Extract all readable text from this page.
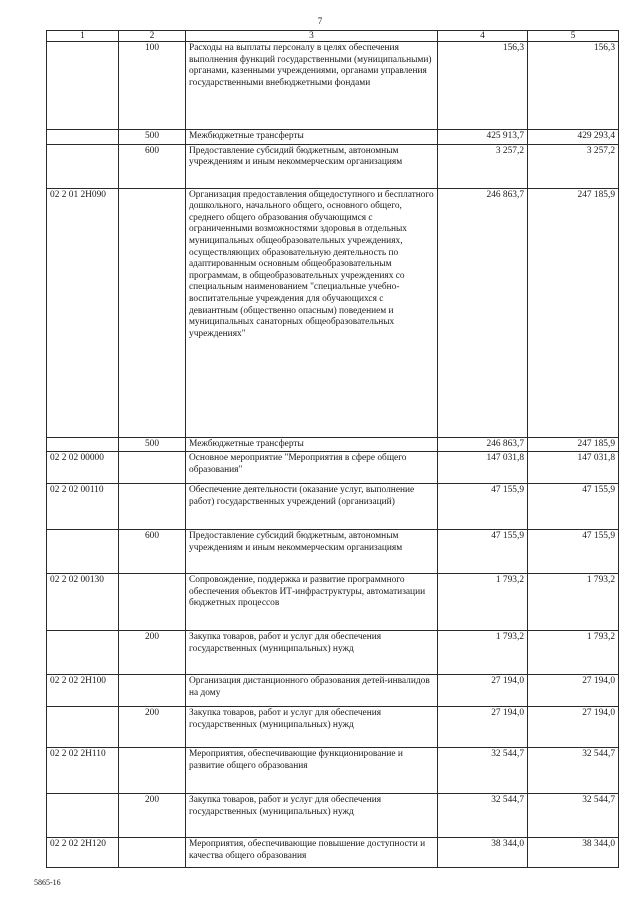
7
1	2	3	4	5
	100	Расходы на выплаты персоналу в целях обеспечения выполнения функций государственными (муниципальными) органами, казенными учреждениями, органами управления государственными внебюджетными фондами	156,3	156,3
	500	Межбюджетные трансферты	425 913,7	429 293,4
	600	Предоставление субсидий бюджетным, автономным учреждениям и иным некоммерческим организациям	3 257,2	3 257,2
02 2 01 2Н090		Организация предоставления общедоступного и бесплатного дошкольного, начального общего, основного общего, среднего общего образования обучающимся с ограниченными возможностями здоровья в отдельных муниципальных общеобразовательных учреждениях, осуществляющих образовательную деятельность по адаптированным основным общеобразовательным программам, в общеобразовательных учреждениях со специальным наименованием "специальные учебно-воспитательные учреждения для обучающихся с девиантным (общественно опасным) поведением и муниципальных санаторных общеобразовательных учреждениях"	246 863,7	247 185,9
	500	Межбюджетные трансферты	246 863,7	247 185,9
02 2 02 00000		Основное мероприятие "Мероприятия в сфере общего образования"	147 031,8	147 031,8
02 2 02 00110		Обеспечение деятельности (оказание услуг, выполнение работ) государственных учреждений (организаций)	47 155,9	47 155,9
	600	Предоставление субсидий бюджетным, автономным учреждениям и иным некоммерческим организациям	47 155,9	47 155,9
02 2 02 00130		Сопровождение, поддержка и развитие программного обеспечения объектов ИТ-инфраструктуры, автоматизации бюджетных процессов	1 793,2	1 793,2
	200	Закупка товаров, работ и услуг для обеспечения государственных (муниципальных) нужд	1 793,2	1 793,2
02 2 02 2Н100		Организация дистанционного образования детей-инвалидов на дому	27 194,0	27 194,0
	200	Закупка товаров, работ и услуг для обеспечения государственных (муниципальных) нужд	27 194,0	27 194,0
02 2 02 2Н110		Мероприятия, обеспечивающие функционирование и развитие общего образования	32 544,7	32 544,7
	200	Закупка товаров, работ и услуг для обеспечения государственных (муниципальных) нужд	32 544,7	32 544,7
02 2 02 2Н120		Мероприятия, обеспечивающие повышение доступности и качества общего образования	38 344,0	38 344,0
5865-16
